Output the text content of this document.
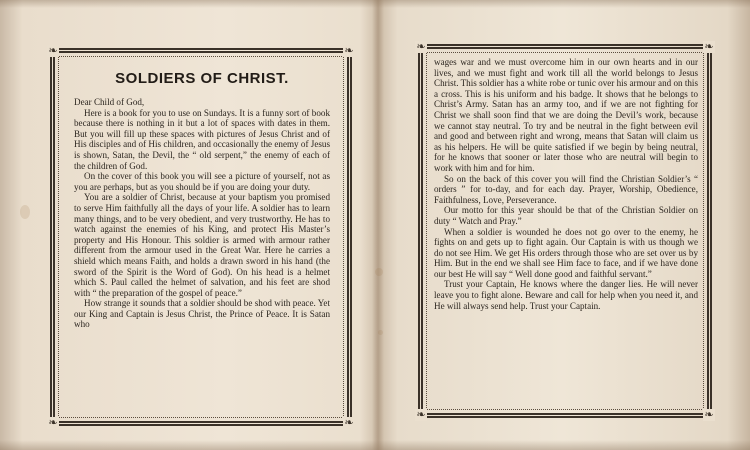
❧	❧
❧	❧
SOLDIERS OF CHRIST.

Dear Child of God,

Here is a book for you to use on Sundays. It is a funny sort of book because there is nothing in it but a lot of spaces with dates in them. But you will fill up these spaces with pictures of Jesus Christ and of His disciples and of His children, and occasionally the enemy of Jesus is shown, Satan, the Devil, the “ old serpent,” the enemy of each of the children of God.

On the cover of this book you will see a picture of yourself, not as you are perhaps, but as you should be if you are doing your duty.

You are a soldier of Christ, because at your baptism you promised to serve Him faithfully all the days of your life. A soldier has to learn many things, and to be very obedient, and very trustworthy. He has to watch against the enemies of his King, and protect His Master’s property and His Honour. This soldier is armed with armour rather different from the armour used in the Great War. Here he carries a shield which means Faith, and holds a drawn sword in his hand (the sword of the Spirit is the Word of God). On his head is a helmet which S. Paul called the helmet of salvation, and his feet are shod with “ the preparation of the gospel of peace.”

How strange it sounds that a soldier should be shod with peace. Yet our King and Captain is Jesus Christ, the Prince of Peace. It is Satan who

❧	❧
❧	❧

wages war and we must overcome him in our own hearts and in our lives, and we must fight and work till all the world belongs to Jesus Christ. This soldier has a white robe or tunic over his armour and on this a cross. This is his uniform and his badge. It shows that he belongs to Christ’s Army. Satan has an army too, and if we are not fighting for Christ we shall soon find that we are doing the Devil’s work, because we cannot stay neutral. To try and be neutral in the fight between evil and good and between right and wrong, means that Satan will claim us as his helpers. He will be quite satisfied if we begin by being neutral, for he knows that sooner or later those who are neutral will begin to work with him and for him.

So on the back of this cover you will find the Christian Soldier’s “ orders ” for to-day, and for each day. Prayer, Worship, Obedience, Faithfulness, Love, Perseverance.

Our motto for this year should be that of the Christian Soldier on duty “ Watch and Pray.”

When a soldier is wounded he does not go over to the enemy, he fights on and gets up to fight again. Our Captain is with us though we do not see Him. We get His orders through those who are set over us by Him. But in the end we shall see Him face to face, and if we have done our best He will say “ Well done good and faithful servant.”

Trust your Captain, He knows where the danger lies. He will never leave you to fight alone. Beware and call for help when you need it, and He will always send help. Trust your Captain.
